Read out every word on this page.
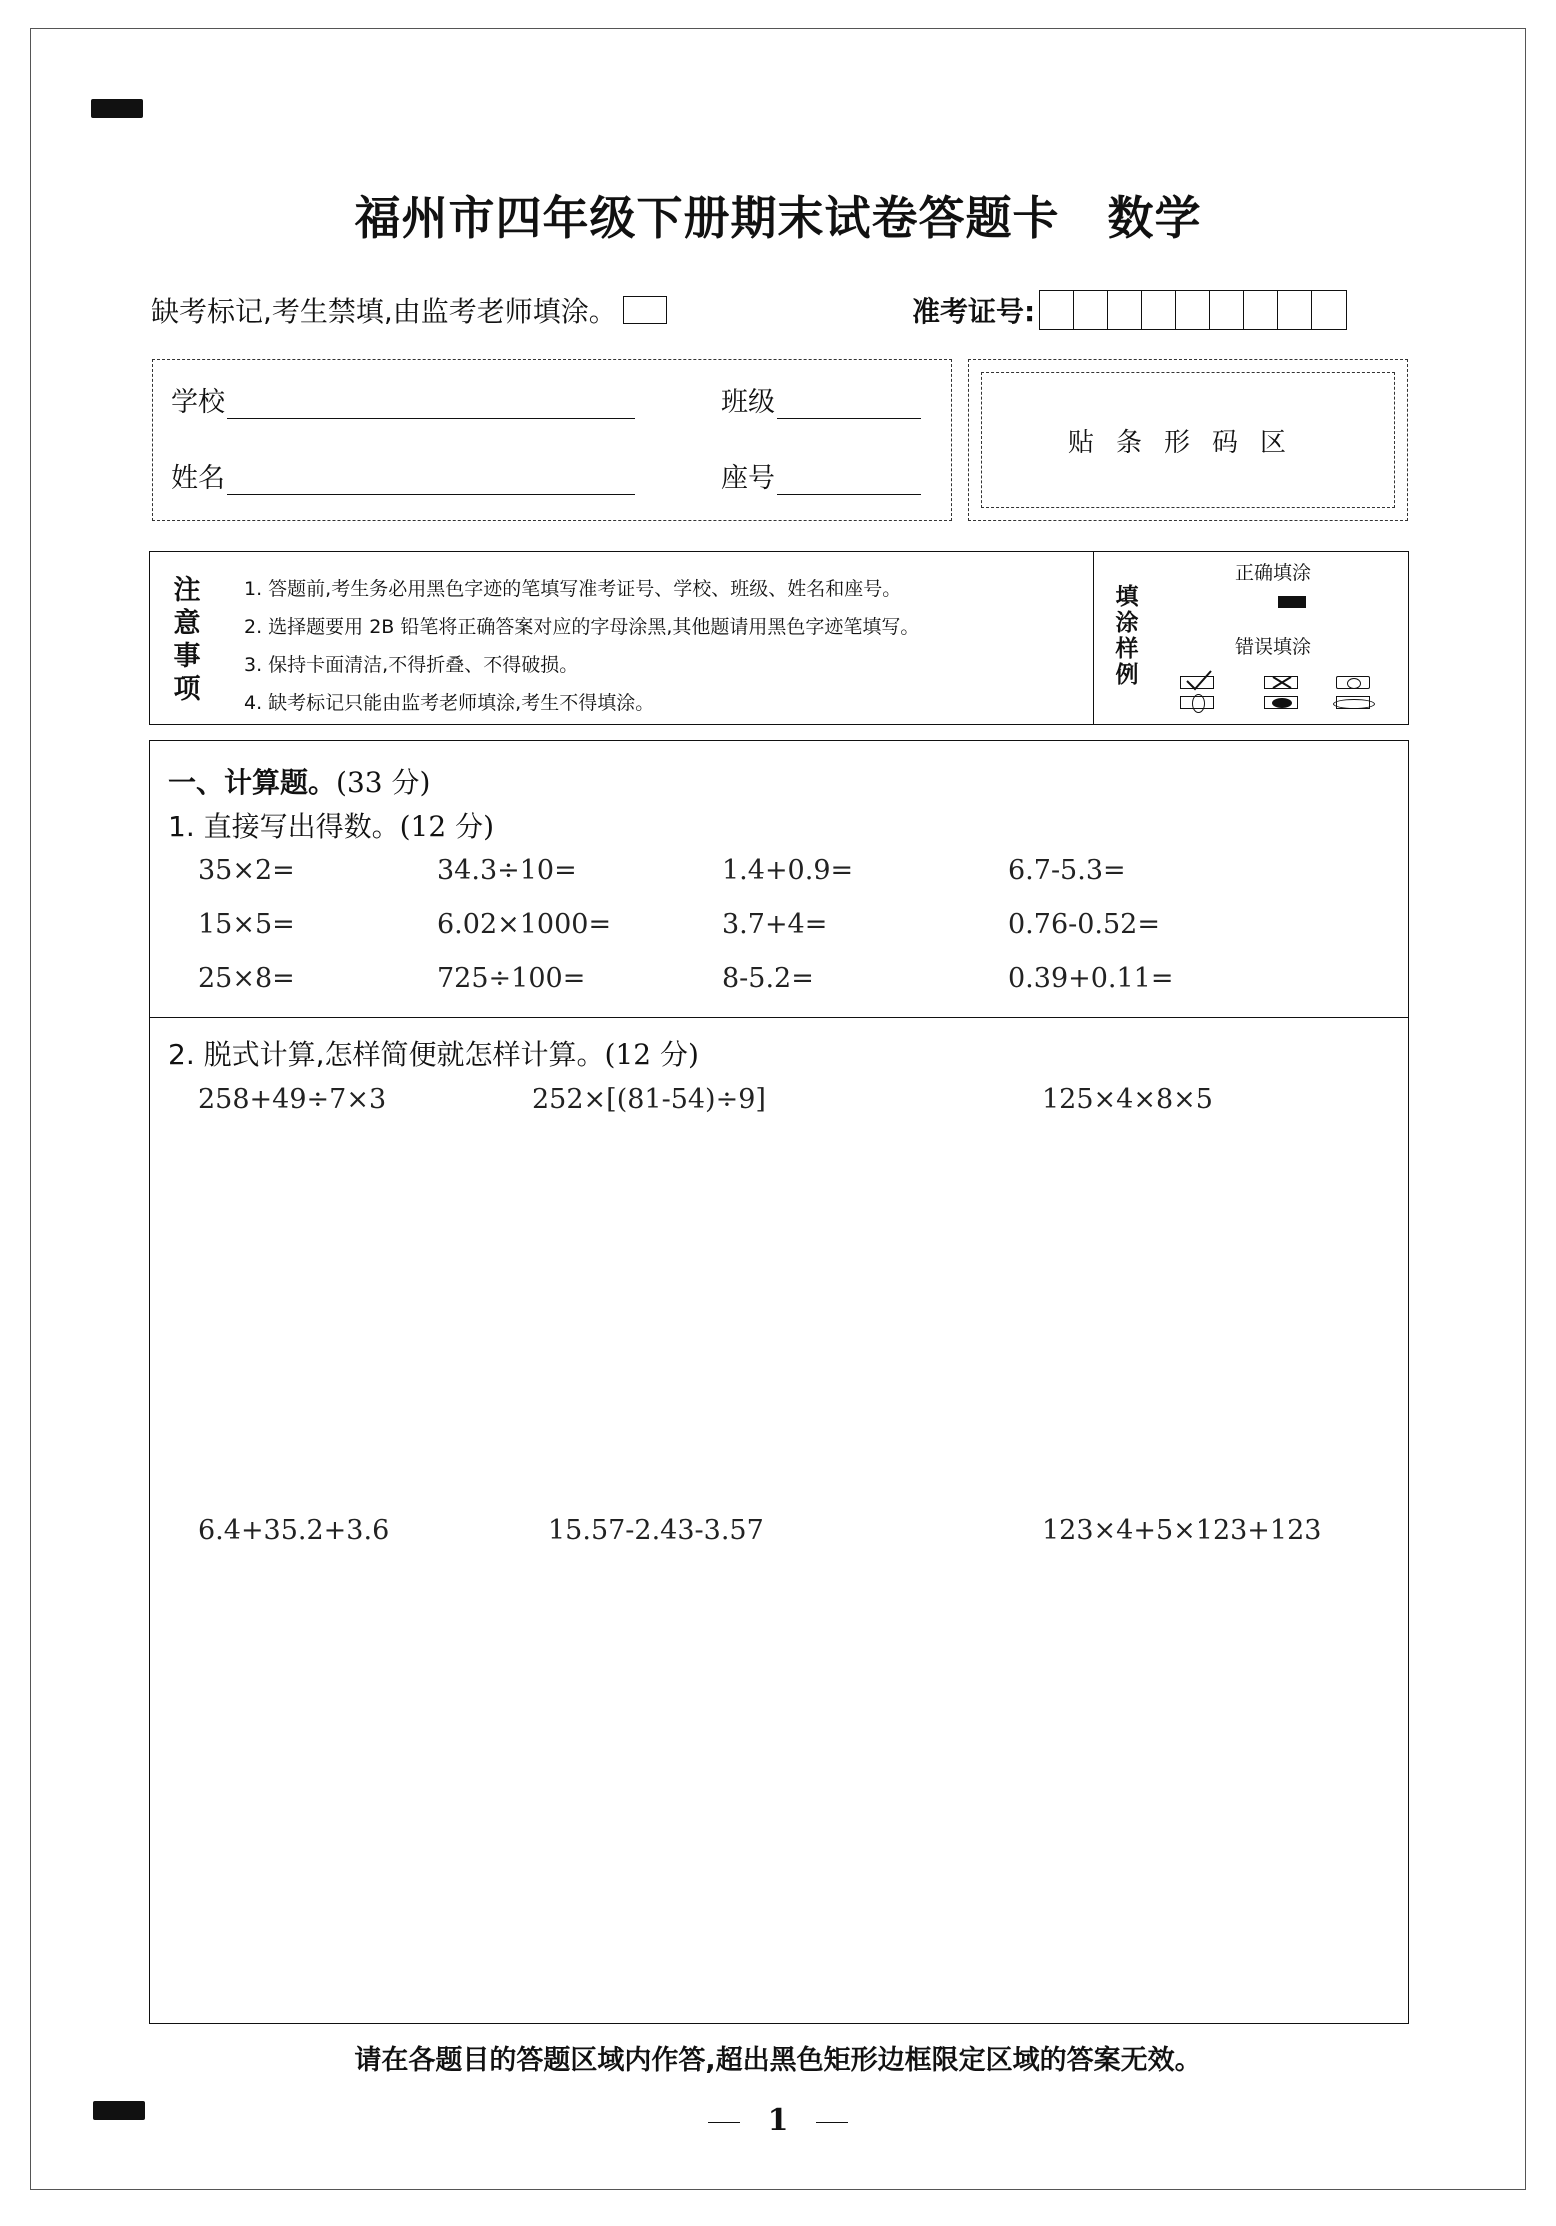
福州市四年级下册期末试卷答题卡 数学
缺考标记,考生禁填,由监考老师填涂。	准考证号:
学校	班级
姓名	座号
贴条形码区
注
意
事
项
1. 答题前,考生务必用黑色字迹的笔填写准考证号、学校、班级、姓名和座号。
2. 选择题要用 2B 铅笔将正确答案对应的字母涂黑,其他题请用黑色字迹笔填写。
3. 保持卡面清洁,不得折叠、不得破损。
4. 缺考标记只能由监考老师填涂,考生不得填涂。
填
涂
样
例
正确填涂
错误填涂
一、计算题。(33 分)
1. 直接写出得数。(12 分)
35×2=	34.3÷10=	1.4+0.9=	6.7-5.3=
15×5=	6.02×1000=	3.7+4=	0.76-0.52=
25×8=	725÷100=	8-5.2=	0.39+0.11=
2. 脱式计算,怎样简便就怎样计算。(12 分)
258+49÷7×3	252×[(81-54)÷9]	125×4×8×5
6.4+35.2+3.6	15.57-2.43-3.57	123×4+5×123+123
请在各题目的答题区域内作答,超出黑色矩形边框限定区域的答案无效。
1
